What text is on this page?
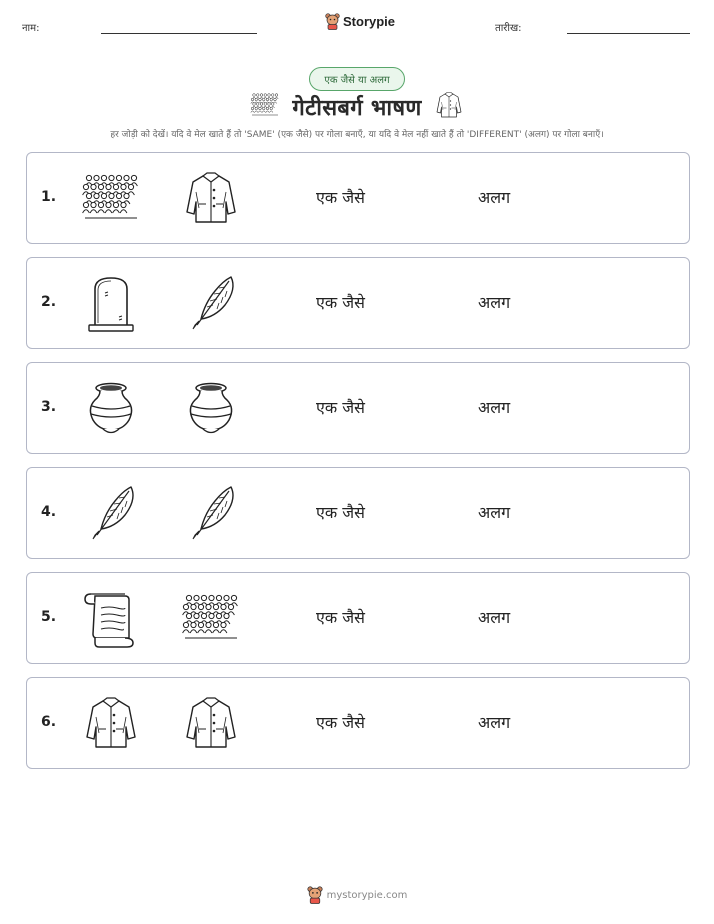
नाम:	Storypie	तारीख:
एक जैसे या अलग
गेटीसबर्ग भाषण
हर जोड़ी को देखें। यदि वे मेल खाते हैं तो 'SAME' (एक जैसे) पर गोला बनाएँ, या यदि वे मेल नहीं खाते हैं तो 'DIFFERENT' (अलग) पर गोला बनाएँ।
1.	एक जैसे	अलग
2.	एक जैसे	अलग
3.	एक जैसे	अलग
4.	एक जैसे	अलग
5.	एक जैसे	अलग
6.	एक जैसे	अलग
mystorypie.com
